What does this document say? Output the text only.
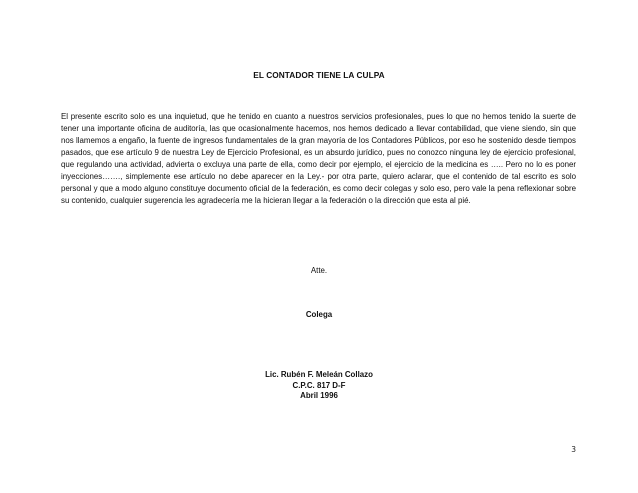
EL CONTADOR TIENE LA CULPA

El presente escrito solo es una inquietud, que he tenido en cuanto a nuestros servicios profesionales, pues lo que no hemos tenido la suerte de tener una importante oficina de auditoría, las que ocasionalmente hacemos, nos hemos dedicado a llevar contabilidad, que viene siendo, sin que nos llamemos a engaño, la fuente de ingresos fundamentales de la gran mayoría de los Contadores Públicos, por eso he sostenido desde tiempos pasados, que ese artículo 9 de nuestra Ley de Ejercicio Profesional, es un absurdo jurídico, pues no conozco ninguna ley de ejercicio profesional, que regulando una actividad, advierta o excluya una parte de ella, como decir por ejemplo, el ejercicio de la medicina es ….. Pero no lo es poner inyecciones……., simplemente ese artículo no debe aparecer en la Ley.- por otra parte, quiero aclarar, que el contenido de tal escrito es solo personal y que a modo alguno constituye documento oficial de la federación, es como decir colegas y solo eso, pero vale la pena reflexionar sobre su contenido, cualquier sugerencia les agradecería me la hicieran llegar a la federación o la dirección que esta al pié.

Atte.
Colega
Lic. Rubén F. Meleán Collazo
C.P.C. 817 D-F
Abril 1996
3
